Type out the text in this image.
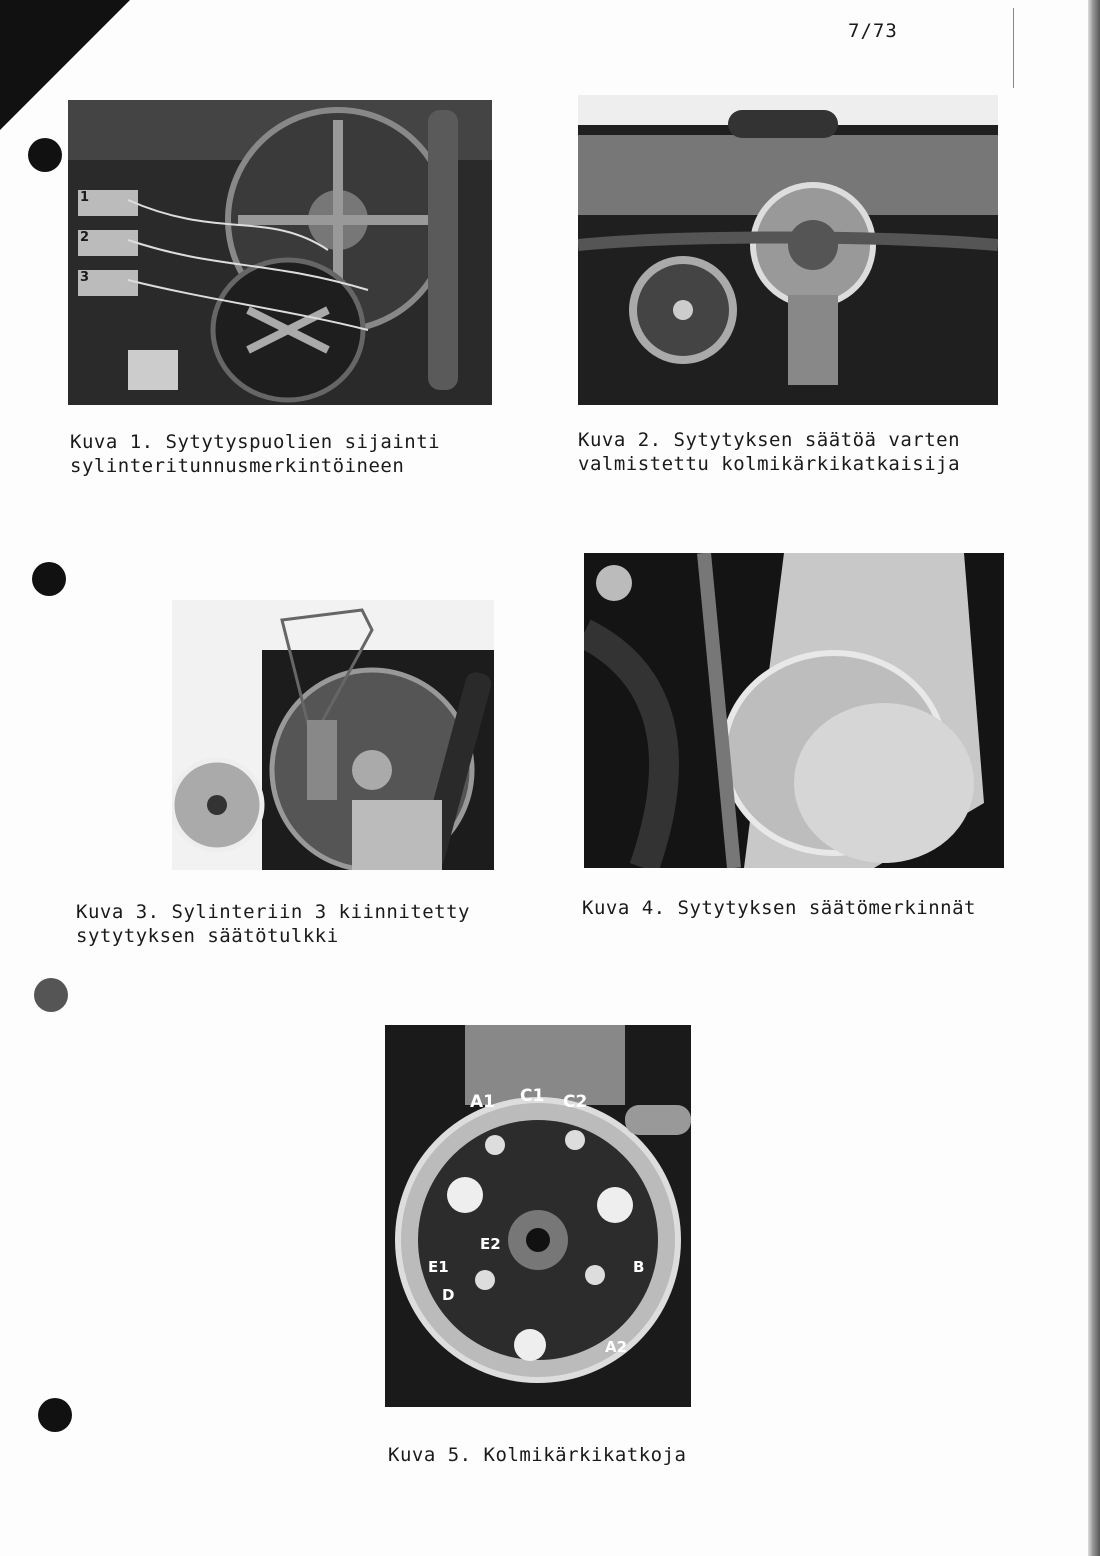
7/73
1
2
3
Kuva 1. Sytytyspuolien sijainti
sylinteritunnusmerkintöineen
Kuva 2. Sytytyksen säätöä varten
valmistettu kolmikärkikatkaisija
Kuva 3. Sylinteriin 3 kiinnitetty
sytytyksen säätötulkki
Kuva 4. Sytytyksen säätömerkinnät
A1 C1 C2
E2
E1
D
B
A2
Kuva 5. Kolmikärkikatkoja
